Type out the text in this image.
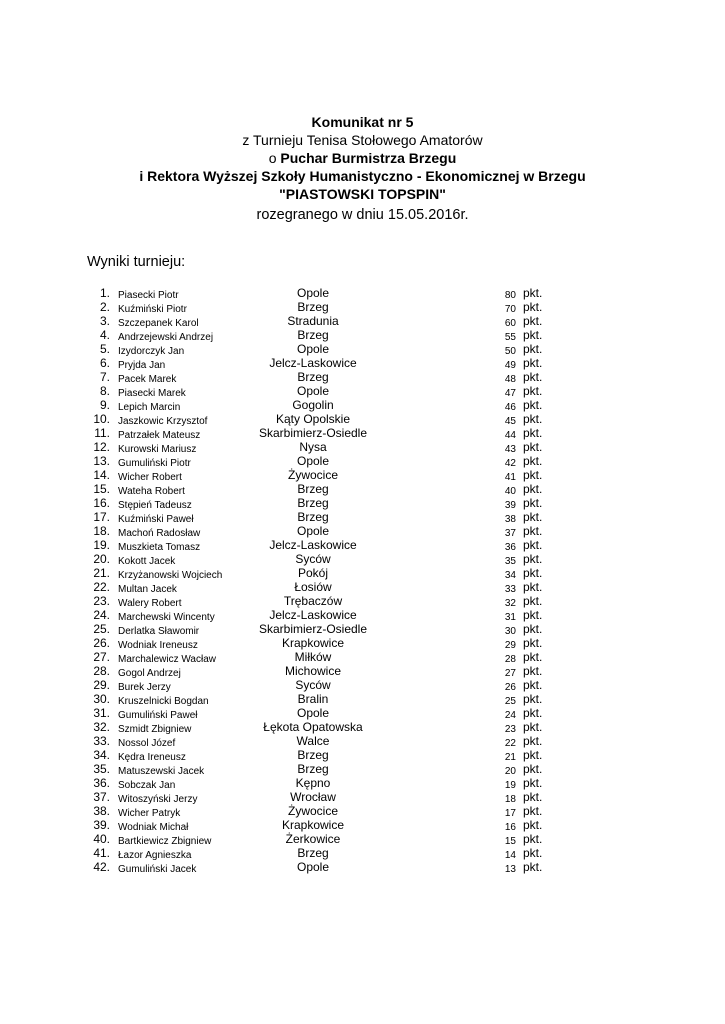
Komunikat nr 5
z Turnieju Tenisa Stołowego Amatorów
o Puchar Burmistrza Brzegu
i Rektora Wyższej Szkoły Humanistyczno - Ekonomicznej w Brzegu
"PIASTOWSKI TOPSPIN"
rozegranego w dniu 15.05.2016r.
Wyniki turnieju:
1. Piasecki Piotr	Opole	80 pkt.
2. Kuźmiński Piotr	Brzeg	70 pkt.
3. Szczepanek Karol	Stradunia	60 pkt.
4. Andrzejewski Andrzej	Brzeg	55 pkt.
5. Izydorczyk Jan	Opole	50 pkt.
6. Pryjda Jan	Jelcz-Laskowice	49 pkt.
7. Pacek Marek	Brzeg	48 pkt.
8. Piasecki Marek	Opole	47 pkt.
9. Lepich Marcin	Gogolin	46 pkt.
10. Jaszkowic Krzysztof	Kąty Opolskie	45 pkt.
11. Patrzałek Mateusz	Skarbimierz-Osiedle	44 pkt.
12. Kurowski Mariusz	Nysa	43 pkt.
13. Gumuliński Piotr	Opole	42 pkt.
14. Wicher Robert	Żywocice	41 pkt.
15. Wateha Robert	Brzeg	40 pkt.
16. Stępień Tadeusz	Brzeg	39 pkt.
17. Kuźmiński Paweł	Brzeg	38 pkt.
18. Machoń Radosław	Opole	37 pkt.
19. Muszkieta Tomasz	Jelcz-Laskowice	36 pkt.
20. Kokott Jacek	Syców	35 pkt.
21. Krzyżanowski Wojciech	Pokój	34 pkt.
22. Multan Jacek	Łosiów	33 pkt.
23. Walery Robert	Trębaczów	32 pkt.
24. Marchewski Wincenty	Jelcz-Laskowice	31 pkt.
25. Derlatka Sławomir	Skarbimierz-Osiedle	30 pkt.
26. Wodniak Ireneusz	Krapkowice	29 pkt.
27. Marchalewicz Wacław	Miłków	28 pkt.
28. Gogol Andrzej	Michowice	27 pkt.
29. Burek Jerzy	Syców	26 pkt.
30. Kruszelnicki Bogdan	Bralin	25 pkt.
31. Gumuliński Paweł	Opole	24 pkt.
32. Szmidt Zbigniew	Łękota Opatowska	23 pkt.
33. Nossol Józef	Walce	22 pkt.
34. Kędra Ireneusz	Brzeg	21 pkt.
35. Matuszewski Jacek	Brzeg	20 pkt.
36. Sobczak Jan	Kępno	19 pkt.
37. Witoszyński Jerzy	Wrocław	18 pkt.
38. Wicher Patryk	Żywocice	17 pkt.
39. Wodniak Michał	Krapkowice	16 pkt.
40. Bartkiewicz Zbigniew	Żerkowice	15 pkt.
41. Łazor Agnieszka	Brzeg	14 pkt.
42. Gumuliński Jacek	Opole	13 pkt.
